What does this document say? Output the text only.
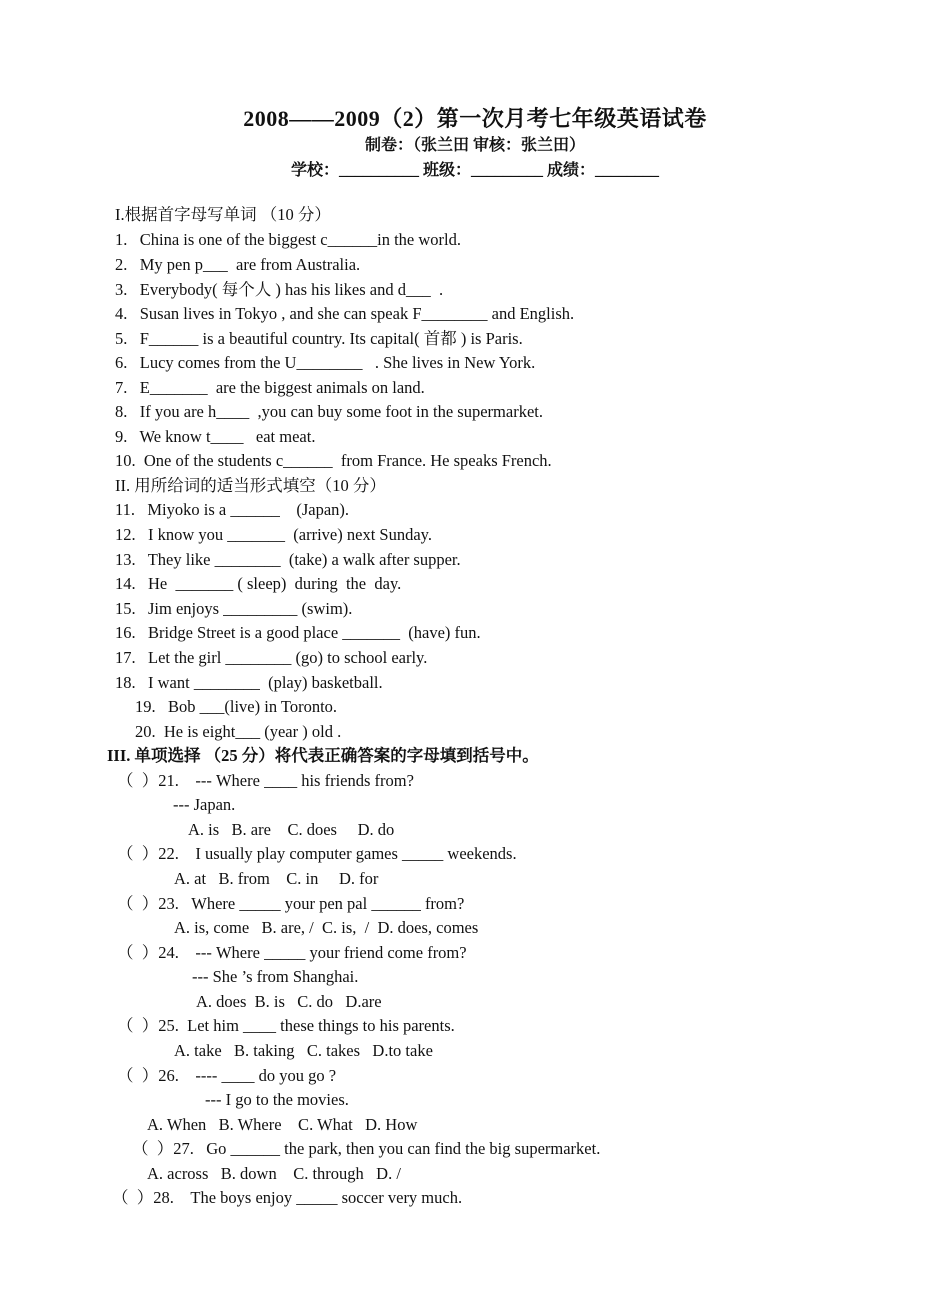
2008——2009（2）第一次月考七年级英语试卷
制卷：（张兰田 审核：张兰田）
学校：__________ 班级：_________ 成绩：________
I.根据首字母写单词 （10 分）
1.   China is one of the biggest c______in the world.
2.   My pen p___  are from Australia.
3.   Everybody( 每个人 ) has his likes and d___  .
4.   Susan lives in Tokyo , and she can speak F________ and English.
5.   F______ is a beautiful country. Its capital( 首都 ) is Paris.
6.   Lucy comes from the U________   . She lives in New York.
7.   E_______  are the biggest animals on land.
8.   If you are h____  ,you can buy some foot in the supermarket.
9.   We know t____   eat meat.
10.  One of the students c______  from France. He speaks French.
II. 用所给词的适当形式填空（10 分）
11.   Miyoko is a ______    (Japan).
12.   I know you _______  (arrive) next Sunday.
13.   They like ________  (take) a walk after supper.
14.   He  _______ ( sleep)  during  the  day.
15.   Jim enjoys _________ (swim).
16.   Bridge Street is a good place _______  (have) fun.
17.   Let the girl ________ (go) to school early.
18.   I want ________  (play) basketball.
19.   Bob ___(live) in Toronto.
20.  He is eight___ (year ) old .
III. 单项选择 （25 分）将代表正确答案的字母填到括号中。
（  ）21.    --- Where ____ his friends from?
--- Japan.
A. is   B. are    C. does     D. do
（  ）22.    I usually play computer games _____ weekends.
A. at   B. from    C. in     D. for
（  ）23.   Where _____ your pen pal ______ from?
A. is, come   B. are, /  C. is,  /  D. does, comes
（  ）24.    --- Where _____ your friend come from?
--- She ’s from Shanghai.
A. does  B. is   C. do   D.are
（  ）25.  Let him ____ these things to his parents.
A. take   B. taking   C. takes   D.to take
（  ）26.    ---- ____ do you go ?
--- I go to the movies.
A. When   B. Where    C. What   D. How
（  ）27.   Go ______ the park, then you can find the big supermarket.
A. across   B. down    C. through   D. /
（  ）28.    The boys enjoy _____ soccer very much.
